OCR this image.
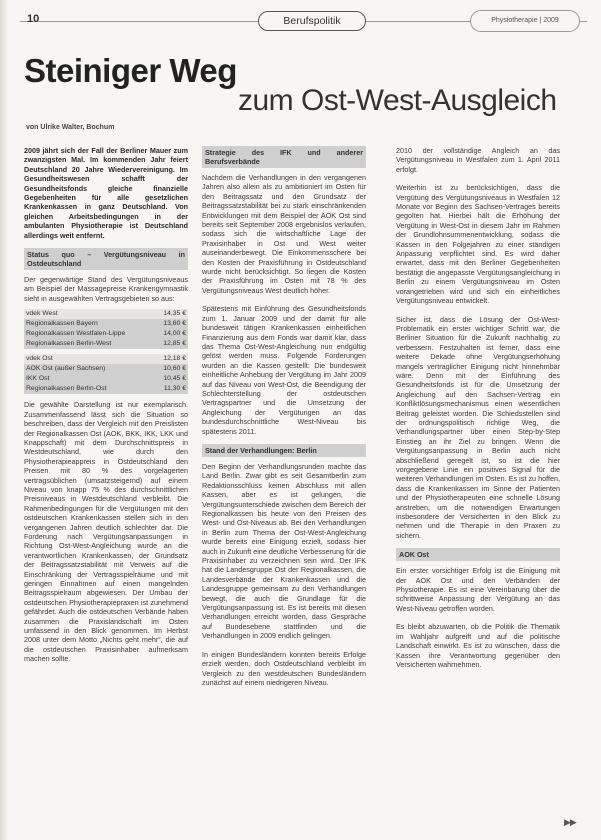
10	Berufspolitik	Physiotherapie | 2009
Steiniger Weg
zum Ost-West-Ausgleich
von Ulrike Walter, Bochum

2009 jährt sich der Fall der Berliner Mauer zum zwanzigsten Mal. Im kommenden Jahr feiert Deutschland 20 Jahre Wiedervereinigung. Im Gesundheitswesen schafft der Gesundheitsfonds gleiche finanzielle Gegebenheiten für alle gesetzlichen Krankenkassen in ganz Deutschland. Von gleichen Arbeitsbedingungen in der ambulanten Physiotherapie ist Deutschland allerdings weit entfernt.

Status quo – Vergütungsniveau in Ostdeutschland

Der gegenwärtige Stand des Vergütungsniveaus am Beispiel der Massagepreise Krankengymnastik sieht in ausgewählten Vertragsgebieten so aus:

vdek West	14,35 €
Regionalkassen Bayern	13,60 €
Regionalkassen Westfalen-Lippe	14,00 €
Regionalkassen Berlin-West	12,85 €

vdek Ost	12,18 €
AOK Ost (außer Sachsen)	10,60 €
IKK Ost	10,45 €
Regionalkassen Berlin-Ost	11,30 €

Die gewählte Darstellung ist nur exemplarisch. Zusammenfassend lässt sich die Situation so beschreiben, dass der Vergleich mit den Preislisten der Regionalkassen Ost (AOK, BKK, IKK, LKK und Knappschaft) mit dem Durchschnittspreis in Westdeutschland, wie durch den Physiotherapieappreis in Ostdeutschland den Preisen mit 80 % des vorgelagerten vertragsüblichen (umsatzsteigernd) auf einem Niveau von knapp 75 % des durchschnittlichen Preisniveaus in Westdeutschland verbleibt. Die Rahmenbedingungen für die Vergütungen mit den ostdeutschen Krankenkassen stellen sich in den vergangenen Jahren deutlich schlechter dar. Die Forderung nach Vergütungsanpassungen in Richtung Ost-West-Angleichung wurde an die verantwortlichen Krankenkassen, der Grundsatz der Beitragssatzstabilität mit Verweis auf die Einschränkung der Vertragsspielräume und mit geringen Einnahmen auf einen mangelnden Beitragsspielraum abgewiesen. Der Umbau der ostdeutschen Physiotherapiepraxen ist zunehmend gefährdet. Auch die ostdeutschen Verbände haben zusammen die Praxislandschaft im Osten umfassend in den Blick genommen. Im Herbst 2008 unter dem Motto „Nichts geht mehr“, die auf die ostdeutschen Praxisinhaber aufmerksam machen sollte.

Strategie des IFK und anderer Berufsverbände

Nachdem die Verhandlungen in den vergangenen Jahren also allein als zu ambitioniert im Osten für den Beitragssatz und den Grundsatz der Beitragssatzstabilität bei zu stark einschränkenden Entwicklungen mit dem Beispiel der AOK Ost sind bereits seit September 2008 ergebnislos verlaufen, sodass sich die wirtschaftliche Lage der Praxisinhaber in Ost und West weiter auseinanderbewegt. Die Einkommensschere bei den Kosten der Praxisführung in Ostdeutschland wurde nicht berücksichtigt. So liegen die Kosten der Praxisführung im Osten mit 78 % des Vergütungsniveaus West deutlich höher.

Spätestens mit Einführung des Gesundheitsfonds zum 1. Januar 2009 und der damit für alle bundesweit tätigen Krankenkassen einheitlichen Finanzierung aus dem Fonds war damit klar, dass das Thema Ost-West-Angleichung nun endgültig gelöst werden muss. Folgende Forderungen wurden an die Kassen gestellt: Die bundesweit einheitliche Anhebung der Vergütung im Jahr 2009 auf das Niveau von West-Ost, die Beendigung der Schlechterstellung der ostdeutschen Vertragspartner und die Umsetzung der Angleichung der Vergütungen an das bundesdurchschnittliche West-Niveau bis spätestens 2011.

Stand der Verhandlungen: Berlin

Den Beginn der Verhandlungsrunden machte das Land Berlin. Zwar gibt es seit Gesamtberlin zum Redaktionsschluss keinen Abschluss mit allen Kassen, aber es ist gelungen, die Vergütungsunterschiede zwischen dem Bereich der Regionalkassen bis heute von den Preisen des West- und Ost-Niveaus ab. Bei den Verhandlungen in Berlin zum Thema der Ost-West-Angleichung wurde bereits eine Einigung erzielt, sodass hier auch in Zukunft eine deutliche Verbesserung für die Praxisinhaber zu verzeichnen sein wird. Der IFK hat die Landesgruppe Ost der Regionalkassen, die Landesverbände der Krankenkassen und die Landesgruppe gemeinsam zu den Verhandlungen bewegt, die auch die Grundlage für die Vergütungsanpassung ist. Es ist bereits mit diesen Verhandlungen erreicht worden, dass Gespräche auf Bundesebene stattfinden und die Verhandlungen in 2009 endlich gelingen.

In einigen Bundesländern konnten bereits Erfolge erzielt werden, doch Ostdeutschland verbleibt im Vergleich zu den westdeutschen Bundesländern zunächst auf einem niedrigeren Niveau.

2010 der vollständige Angleich an das Vergütungsniveau in Westfalen zum 1. April 2011 erfolgt.

Weiterhin ist zu berücksichtigen, dass die Vergütung des Vergütungsniveaus in Westfalen 12 Monate vor Beginn des Sachsen-Vertrages bereits gegolten hat. Hierbei hält die Erhöhung der Vergütung in West-Ost in diesem Jahr im Rahmen der Grundlohnsummenentwicklung, sodass die Kassen in den Folgejahren zu einer ständigen Anpassung verpflichtet sind. Es wird daher erwartet, dass mit den Berliner Gegebenheiten bestätigt die angepasste Vergütungsangleichung in Berlin zu einem Vergütungsniveau im Osten vorangetrieben wird und sich ein einheitliches Vergütungsniveau entwickelt.

Sicher ist, dass die Lösung der Ost-West-Problematik ein erster wichtiger Schritt war, die Berliner Situation für die Zukunft nachhaltig zu verbessern. Festzuhalten ist ferner, dass eine weitere Dekade ohne Vergütungserhöhung mangels vertraglicher Einigung nicht hinnehmbar wäre. Denn mit der Einführung des Gesundheitsfonds ist für die Umsetzung der Angleichung auf den Sachsen-Vertrag ein Konfliktlösungsmechanismus einen wesentlichen Beitrag geleistet worden. Die Schiedsstellen sind der ordnungspolitisch richtige Weg, die Verhandlungspartner über einen Step-by-Step Einstieg an ihr Ziel zu bringen. Wenn die Vergütungsanpassung in Berlin auch nicht abschließend geregelt ist, so ist die hier vorgegebene Linie ein positives Signal für die weiteren Verhandlungen im Osten. Es ist zu hoffen, dass die Krankenkassen im Sinne der Patienten und der Physiotherapeuten eine schnelle Lösung anstreben, um die notwendigen Erwartungen insbesondere der Versicherten in den Blick zu nehmen und die Therapie in den Praxen zu sichern.

AOK Ost

Ein erster vorsichtiger Erfolg ist die Einigung mit der AOK Ost und den Verbänden der Physiotherapie. Es ist eine Vereinbarung über die schrittweise Anpassung der Vergütung an das West-Niveau getroffen worden.

Es bleibt abzuwarten, ob die Politik die Thematik im Wahljahr aufgreift und auf die politische Landschaft einwirkt. Es ist zu wünschen, dass die Kassen ihre Verantwortung gegenüber den Versicherten wahrnehmen.

▶▶
